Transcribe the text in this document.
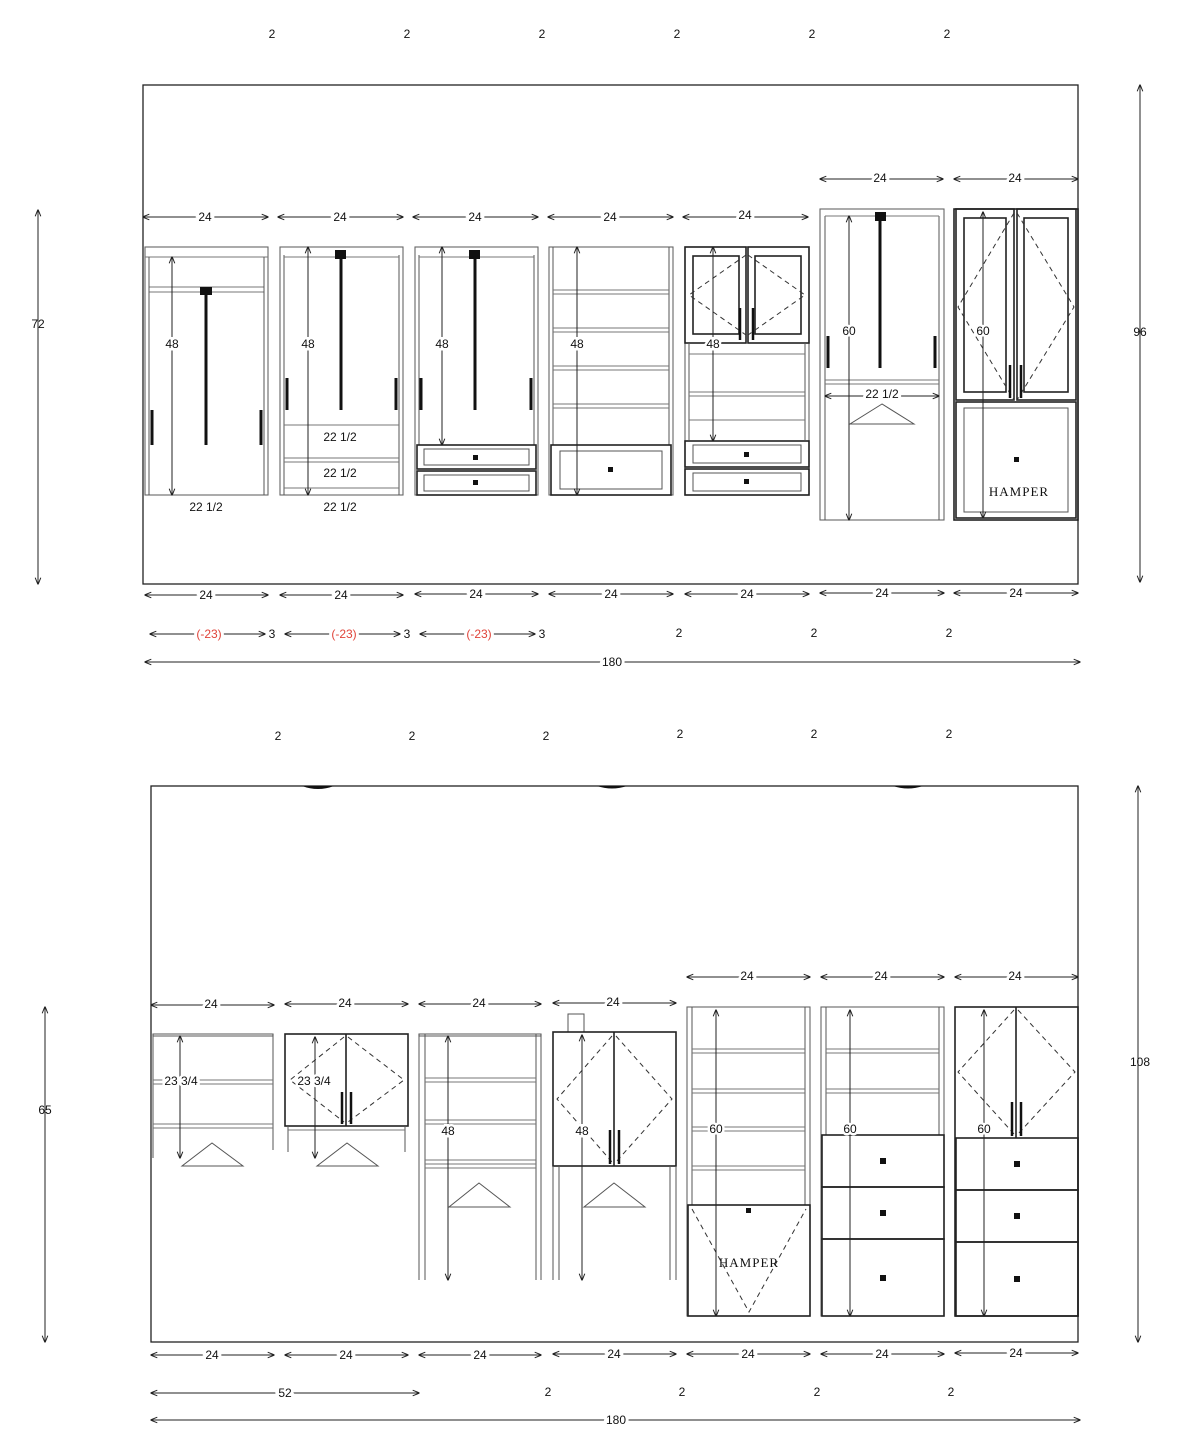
2	2	2	2	2	2
72
96
24	24	24	24	24
24	24
48
22 1/2
48
22 1/2
22 1/2
22 1/2
48	48	48
60
22 1/2
HAMPER
60
24	24	24	24	24	24	24
(-23)	3	(-23)	3	(-23)	3	2	2	2
180
2	2	2	2	2	2
65
108
24	24	24	24
24	24	24
23 3/4	23 3/4
48	48
HAMPER
60	60	60
24	24	24	24	24	24	24
52	2	2	2	2
180
